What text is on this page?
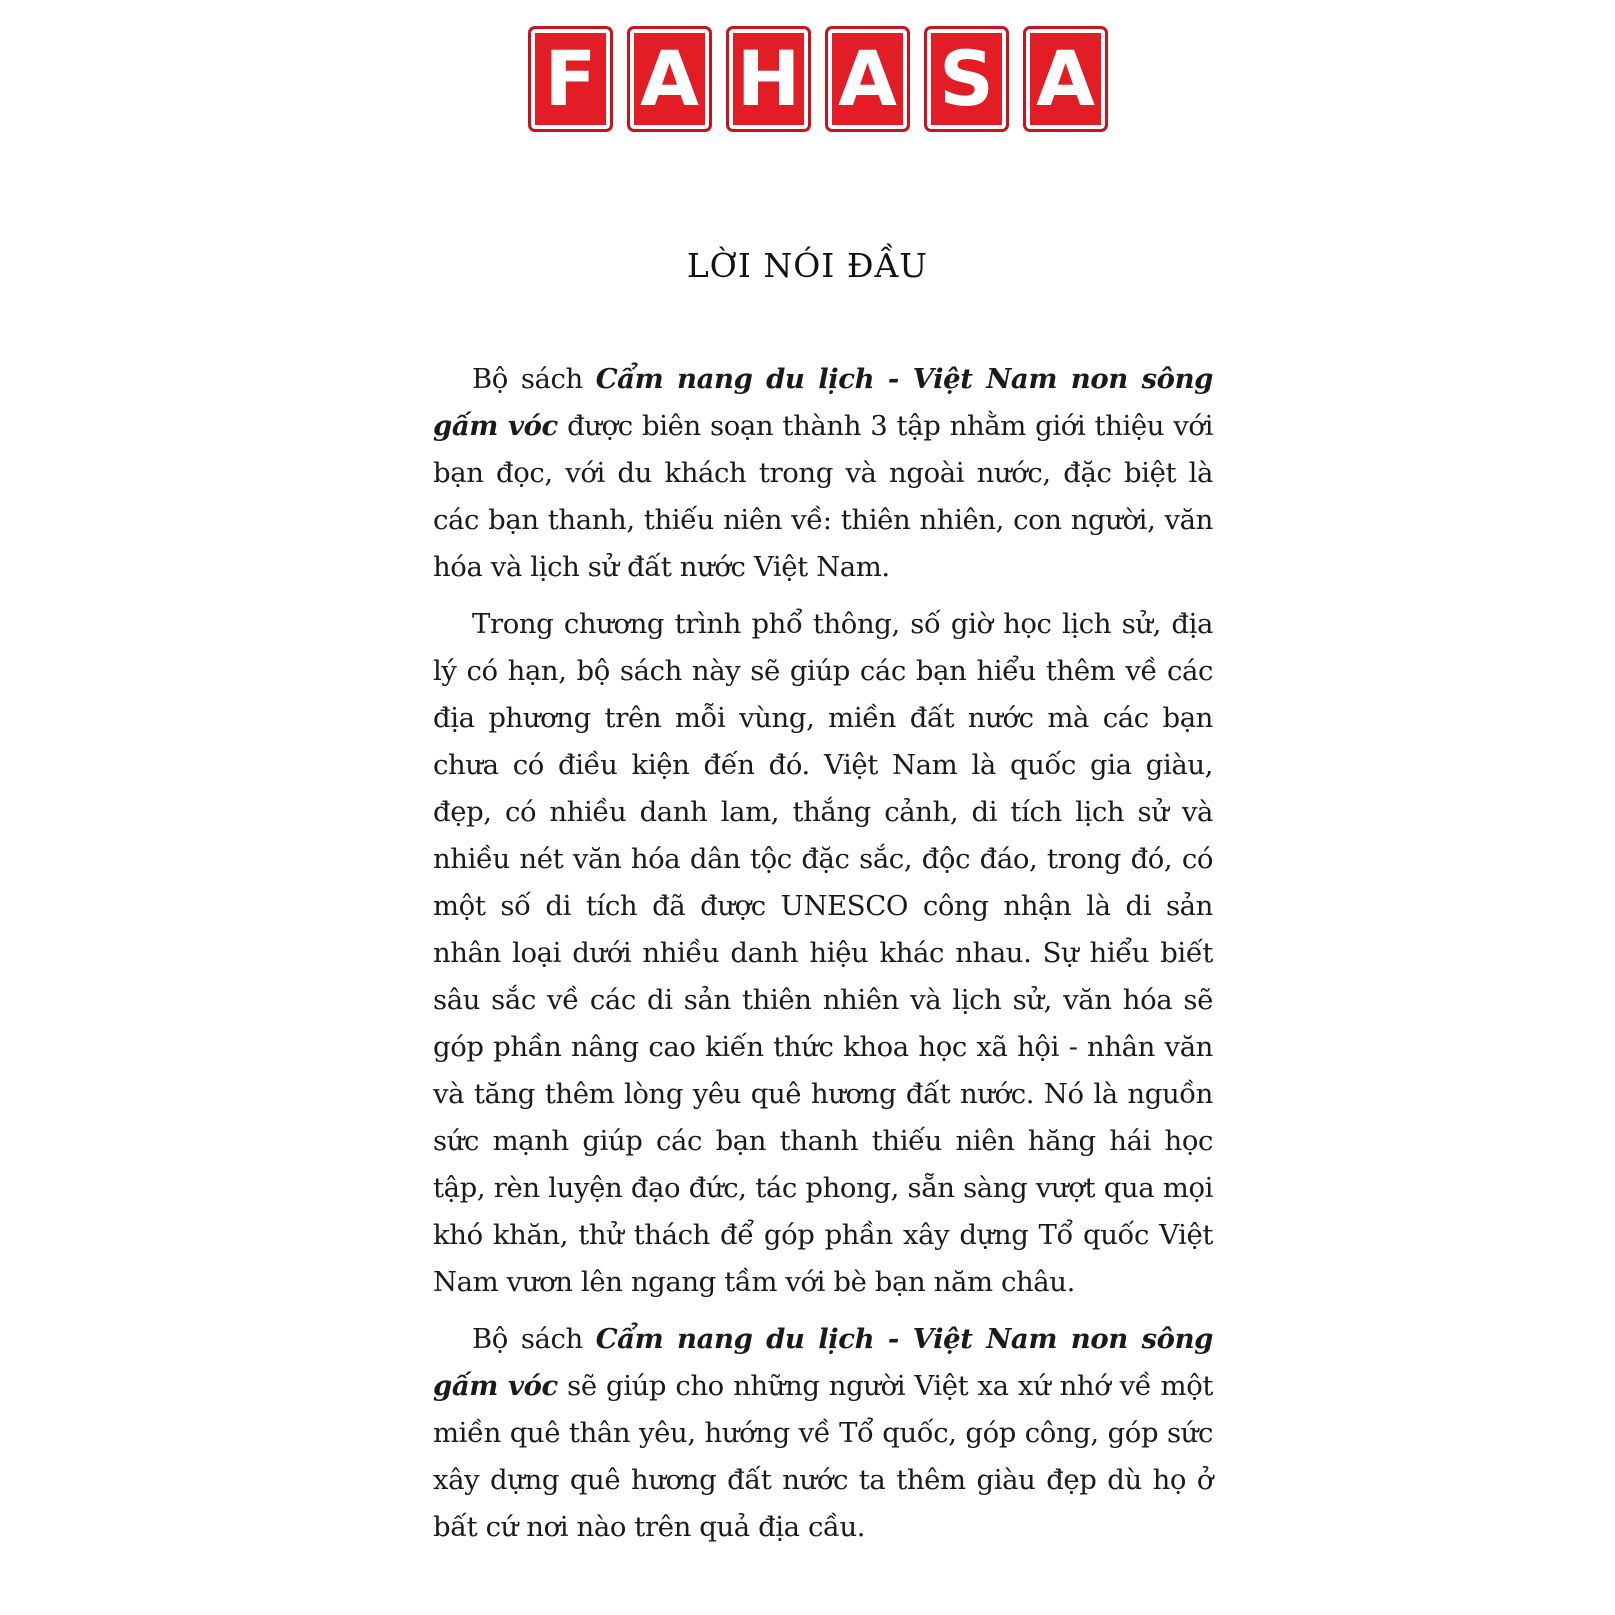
F A H A S A
LỜI NÓI ĐẦU

Bộ sách Cẩm nang du lịch - Việt Nam non sông gấm vóc được biên soạn thành 3 tập nhằm giới thiệu với bạn đọc, với du khách trong và ngoài nước, đặc biệt là các bạn thanh, thiếu niên về: thiên nhiên, con người, văn hóa và lịch sử đất nước Việt Nam.

Trong chương trình phổ thông, số giờ học lịch sử, địa lý có hạn, bộ sách này sẽ giúp các bạn hiểu thêm về các địa phương trên mỗi vùng, miền đất nước mà các bạn chưa có điều kiện đến đó. Việt Nam là quốc gia giàu, đẹp, có nhiều danh lam, thắng cảnh, di tích lịch sử và nhiều nét văn hóa dân tộc đặc sắc, độc đáo, trong đó, có một số di tích đã được UNESCO công nhận là di sản nhân loại dưới nhiều danh hiệu khác nhau. Sự hiểu biết sâu sắc về các di sản thiên nhiên và lịch sử, văn hóa sẽ góp phần nâng cao kiến thức khoa học xã hội - nhân văn và tăng thêm lòng yêu quê hương đất nước. Nó là nguồn sức mạnh giúp các bạn thanh thiếu niên hăng hái học tập, rèn luyện đạo đức, tác phong, sẵn sàng vượt qua mọi khó khăn, thử thách để góp phần xây dựng Tổ quốc Việt Nam vươn lên ngang tầm với bè bạn năm châu.

Bộ sách Cẩm nang du lịch - Việt Nam non sông gấm vóc sẽ giúp cho những người Việt xa xứ nhớ về một miền quê thân yêu, hướng về Tổ quốc, góp công, góp sức xây dựng quê hương đất nước ta thêm giàu đẹp dù họ ở bất cứ nơi nào trên quả địa cầu.
